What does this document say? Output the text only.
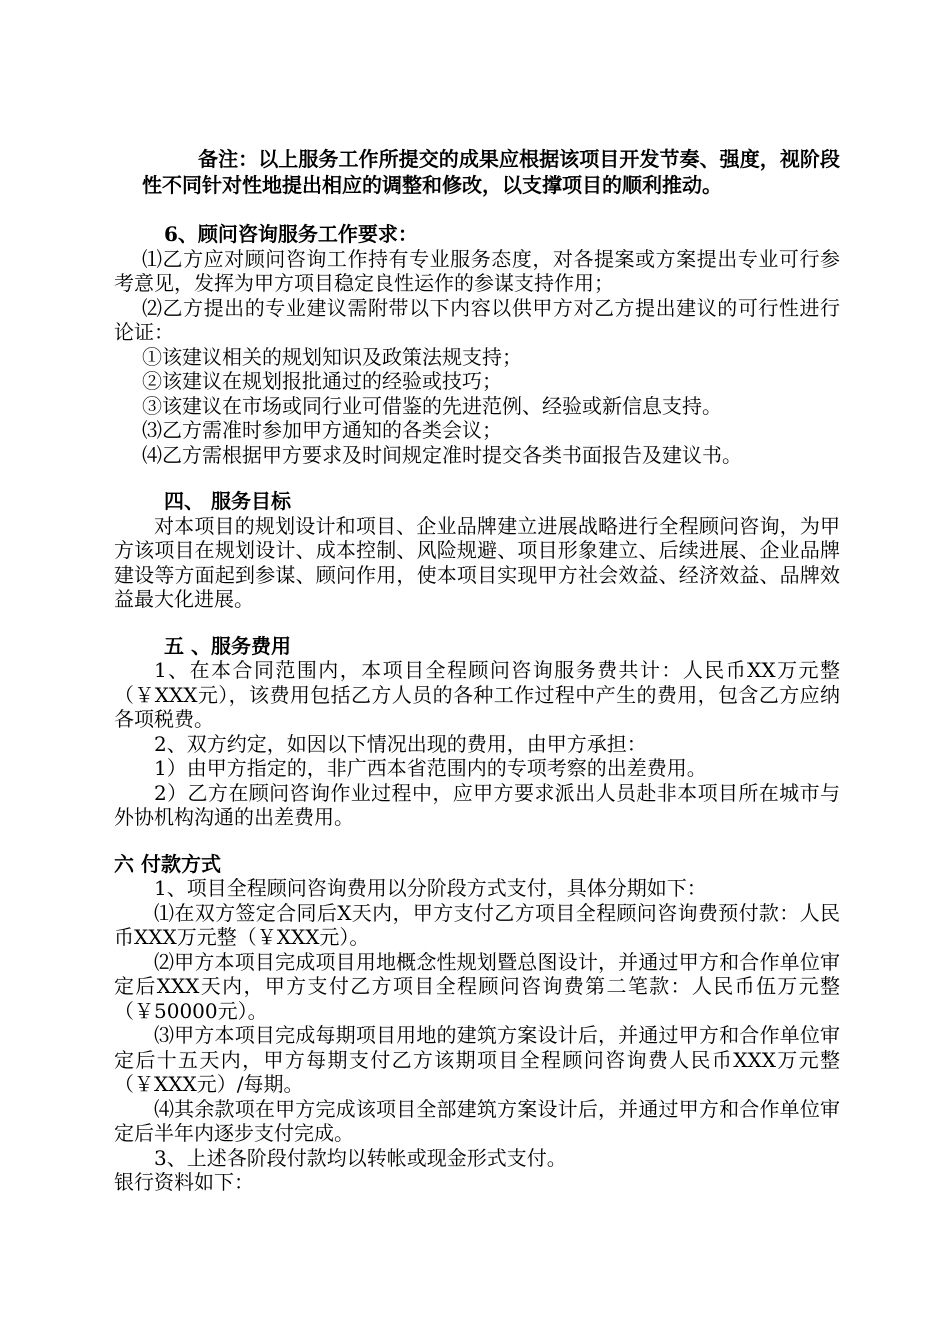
备注：以上服务工作所提交的成果应根据该项目开发节奏、强度，视阶段性不同针对性地提出相应的调整和修改，以支撑项目的顺利推动。

6、顾问咨询服务工作要求：

⑴乙方应对顾问咨询工作持有专业服务态度，对各提案或方案提出专业可行参考意见，发挥为甲方项目稳定良性运作的参谋支持作用；

⑵乙方提出的专业建议需附带以下内容以供甲方对乙方提出建议的可行性进行论证：

①该建议相关的规划知识及政策法规支持；

②该建议在规划报批通过的经验或技巧；

③该建议在市场或同行业可借鉴的先进范例、经验或新信息支持。

⑶乙方需准时参加甲方通知的各类会议；

⑷乙方需根据甲方要求及时间规定准时提交各类书面报告及建议书。

四、 服务目标

对本项目的规划设计和项目、企业品牌建立进展战略进行全程顾问咨询，为甲方该项目在规划设计、成本控制、风险规避、项目形象建立、后续进展、企业品牌建设等方面起到参谋、顾问作用，使本项目实现甲方社会效益、经济效益、品牌效益最大化进展。

五 、服务费用

1、在本合同范围内，本项目全程顾问咨询服务费共计：人民币XX万元整（￥XXX元），该费用包括乙方人员的各种工作过程中产生的费用，包含乙方应纳各项税费。

2、双方约定，如因以下情况出现的费用，由甲方承担：

1）由甲方指定的，非广西本省范围内的专项考察的出差费用。

2）乙方在顾问咨询作业过程中，应甲方要求派出人员赴非本项目所在城市与外协机构沟通的出差费用。

六 付款方式

1、项目全程顾问咨询费用以分阶段方式支付，具体分期如下：

⑴在双方签定合同后X天内，甲方支付乙方项目全程顾问咨询费预付款：人民币XXX万元整（￥XXX元）。

⑵甲方本项目完成项目用地概念性规划暨总图设计，并通过甲方和合作单位审定后XXX天内，甲方支付乙方项目全程顾问咨询费第二笔款：人民币伍万元整（￥50000元）。

⑶甲方本项目完成每期项目用地的建筑方案设计后，并通过甲方和合作单位审定后十五天内，甲方每期支付乙方该期项目全程顾问咨询费人民币XXX万元整（￥XXX元）/每期。

⑷其余款项在甲方完成该项目全部建筑方案设计后，并通过甲方和合作单位审定后半年内逐步支付完成。

3、上述各阶段付款均以转帐或现金形式支付。

银行资料如下：
